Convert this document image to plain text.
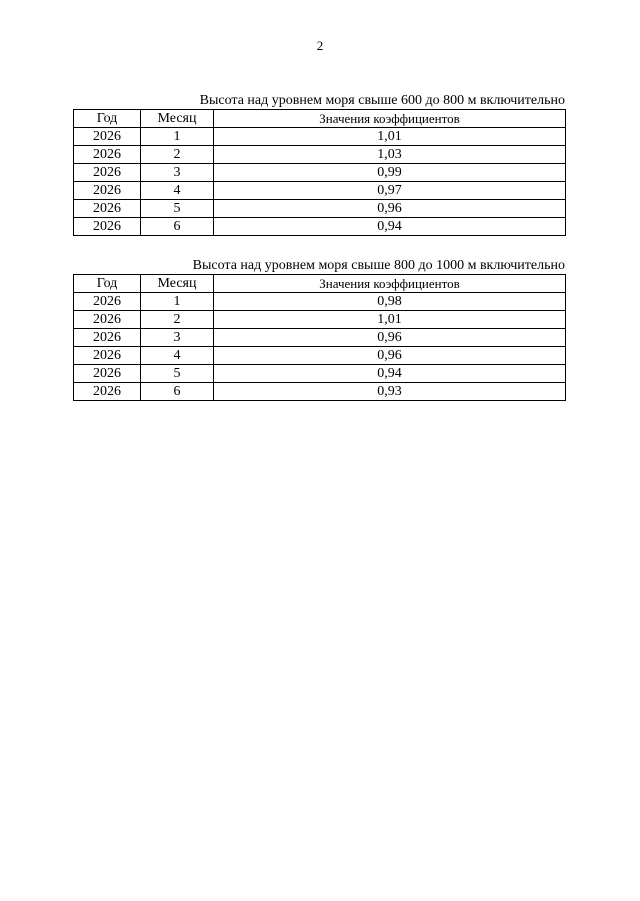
2
Высота над уровнем моря свыше 600 до 800 м включительно
Год	Месяц	Значения коэффициентов
2026	1	1,01
2026	2	1,03
2026	3	0,99
2026	4	0,97
2026	5	0,96
2026	6	0,94
Высота над уровнем моря свыше 800 до 1000 м включительно
Год	Месяц	Значения коэффициентов
2026	1	0,98
2026	2	1,01
2026	3	0,96
2026	4	0,96
2026	5	0,94
2026	6	0,93
